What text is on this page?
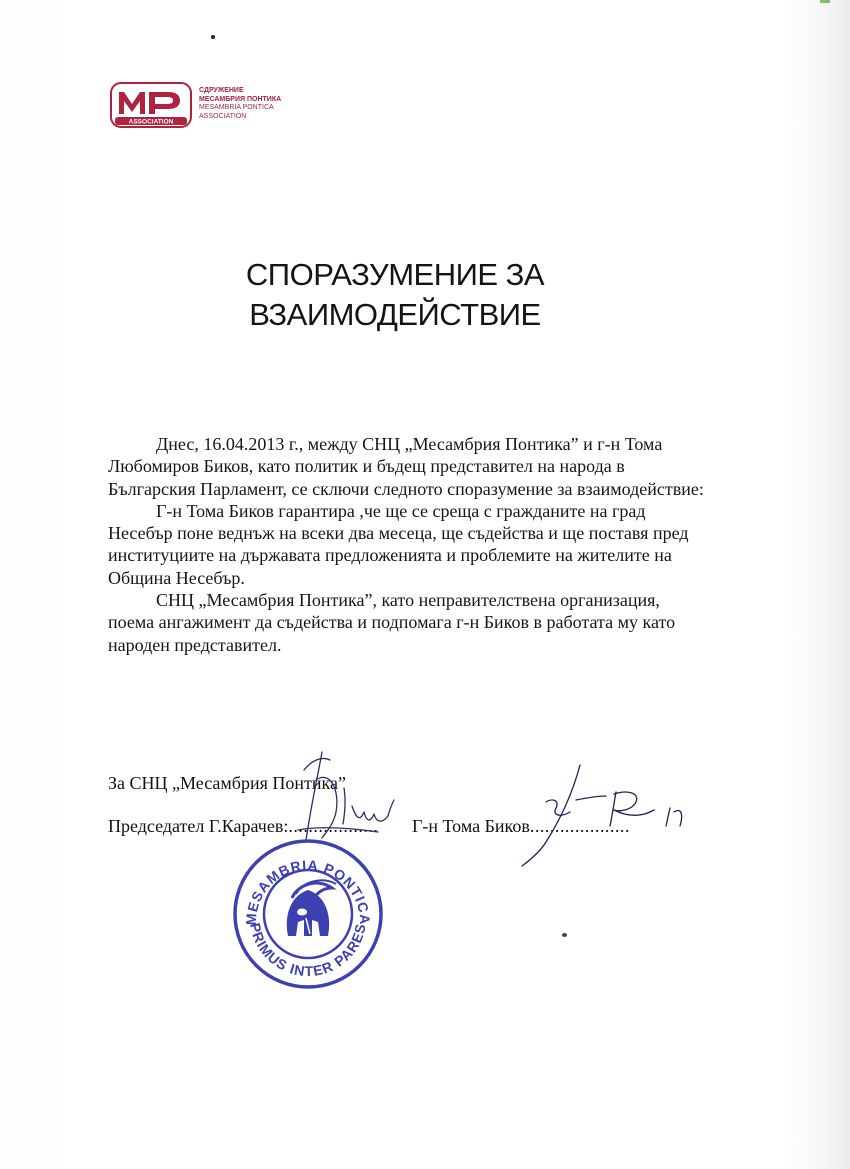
ASSOCIATION
СДРУЖЕНИЕ
МЕСАМБРИЯ ПОНТИКА
MESAMBRIA PONTICA
ASSOCIATION
СПОРАЗУМЕНИЕ ЗА
ВЗАИМОДЕЙСТВИЕ

Днес, 16.04.2013 г., между СНЦ „Месамбрия Понтика” и г-н Тома Любомиров Биков, като политик и бъдещ представител на народа в Българския Парламент, се сключи следното споразумение за взаимодействие:

Г-н Тома Биков гарантира ,че ще се среща с гражданите на град Несебър поне веднъж на всеки два месеца, ще съдейства и ще поставя пред институциите на държавата предложенията и проблемите на жителите на Община Несебър.

СНЦ „Месамбрия Понтика”, като неправителствена организация, поема ангажимент да съдейства и подпомага г-н Биков в работата му като народен представител.

За СНЦ „Месамбрия Понтика”
Председател Г.Карачев:.................. Г-н Тома Биков....................
MESAMBRIA PONTICA
PRIMUS INTER PARES
